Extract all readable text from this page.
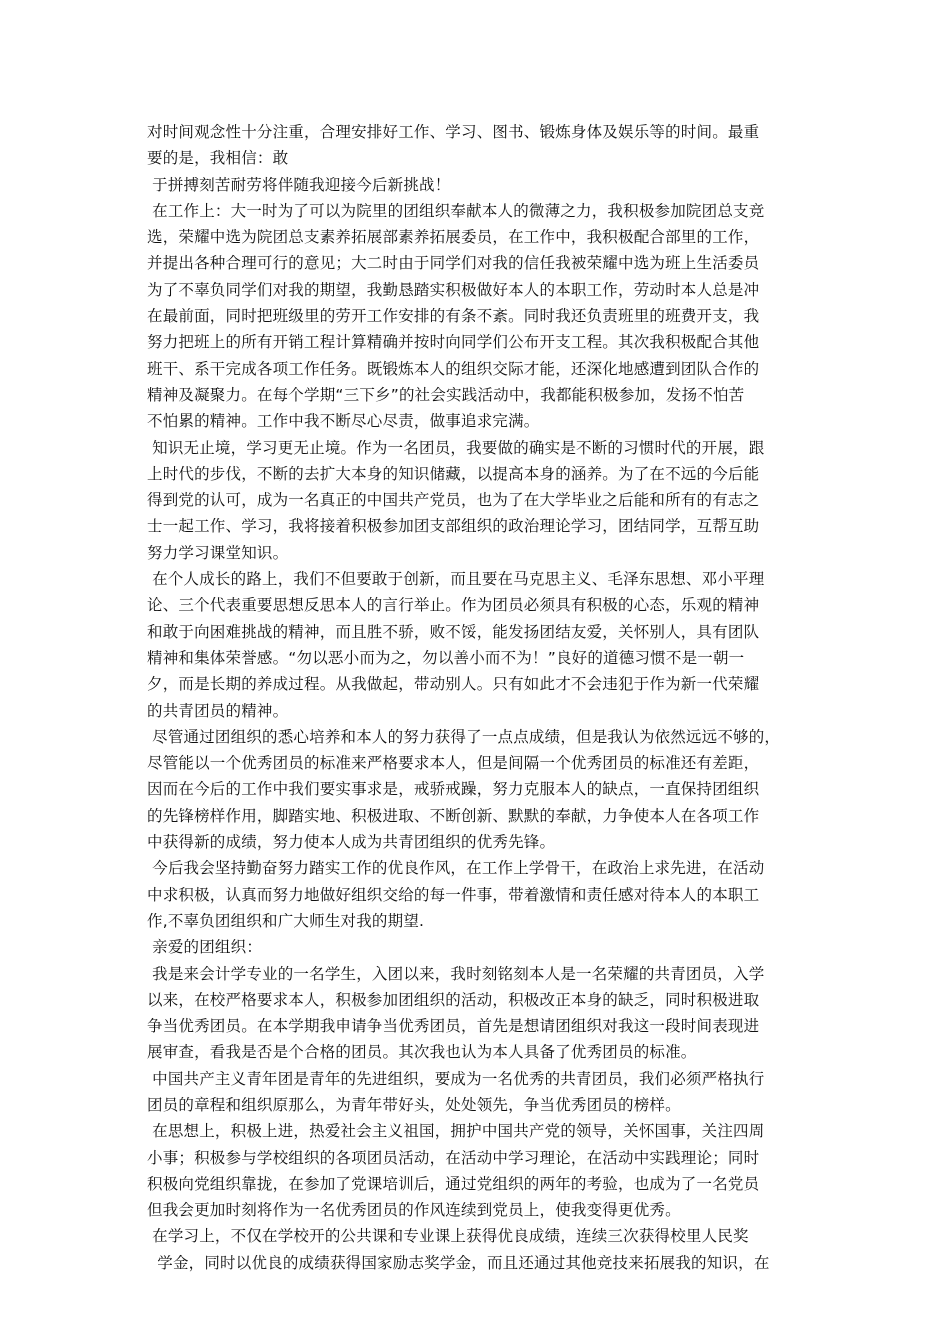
对时间观念性十分注重，合理安排好工作、学习、图书、锻炼身体及娱乐等的时间。最重
要的是，我相信：敢
于拼搏刻苦耐劳将伴随我迎接今后新挑战！
在工作上：大一时为了可以为院里的团组织奉献本人的微薄之力，我积极参加院团总支竞
选，荣耀中选为院团总支素养拓展部素养拓展委员，在工作中，我积极配合部里的工作，
并提出各种合理可行的意见；大二时由于同学们对我的信任我被荣耀中选为班上生活委员
为了不辜负同学们对我的期望，我勤恳踏实积极做好本人的本职工作，劳动时本人总是冲
在最前面，同时把班级里的劳开工作安排的有条不紊。同时我还负责班里的班费开支，我
努力把班上的所有开销工程计算精确并按时向同学们公布开支工程。其次我积极配合其他
班干、系干完成各项工作任务。既锻炼本人的组织交际才能，还深化地感遭到团队合作的
精神及凝聚力。在每个学期“三下乡”的社会实践活动中，我都能积极参加，发扬不怕苦
不怕累的精神。工作中我不断尽心尽责，做事追求完满。
知识无止境，学习更无止境。作为一名团员，我要做的确实是不断的习惯时代的开展，跟
上时代的步伐，不断的去扩大本身的知识储藏，以提高本身的涵养。为了在不远的今后能
得到党的认可，成为一名真正的中国共产党员，也为了在大学毕业之后能和所有的有志之
士一起工作、学习，我将接着积极参加团支部组织的政治理论学习，团结同学，互帮互助
努力学习课堂知识。
在个人成长的路上，我们不但要敢于创新，而且要在马克思主义、毛泽东思想、邓小平理
论、三个代表重要思想反思本人的言行举止。作为团员必须具有积极的心态，乐观的精神
和敢于向困难挑战的精神，而且胜不骄，败不馁，能发扬团结友爱，关怀别人，具有团队
精神和集体荣誉感。“勿以恶小而为之，勿以善小而不为！”良好的道德习惯不是一朝一
夕，而是长期的养成过程。从我做起，带动别人。只有如此才不会违犯于作为新一代荣耀
的共青团员的精神。
尽管通过团组织的悉心培养和本人的努力获得了一点点成绩，但是我认为依然远远不够的，
尽管能以一个优秀团员的标准来严格要求本人，但是间隔一个优秀团员的标准还有差距，
因而在今后的工作中我们要实事求是，戒骄戒躁，努力克服本人的缺点，一直保持团组织
的先锋榜样作用，脚踏实地、积极进取、不断创新、默默的奉献，力争使本人在各项工作
中获得新的成绩，努力使本人成为共青团组织的优秀先锋。
今后我会坚持勤奋努力踏实工作的优良作风，在工作上学骨干，在政治上求先进，在活动
中求积极，认真而努力地做好组织交给的每一件事，带着激情和责任感对待本人的本职工
作,不辜负团组织和广大师生对我的期望.
亲爱的团组织：
我是来会计学专业的一名学生，入团以来，我时刻铭刻本人是一名荣耀的共青团员，入学
以来，在校严格要求本人，积极参加团组织的活动，积极改正本身的缺乏，同时积极进取
争当优秀团员。在本学期我申请争当优秀团员，首先是想请团组织对我这一段时间表现进
展审查，看我是否是个合格的团员。其次我也认为本人具备了优秀团员的标准。
中国共产主义青年团是青年的先进组织，要成为一名优秀的共青团员，我们必须严格执行
团员的章程和组织原那么，为青年带好头，处处领先，争当优秀团员的榜样。
在思想上，积极上进，热爱社会主义祖国，拥护中国共产党的领导，关怀国事，关注四周
小事；积极参与学校组织的各项团员活动，在活动中学习理论，在活动中实践理论；同时
积极向党组织靠拢，在参加了党课培训后，通过党组织的两年的考验，也成为了一名党员
但我会更加时刻将作为一名优秀团员的作风连续到党员上，使我变得更优秀。
在学习上，不仅在学校开的公共课和专业课上获得优良成绩，连续三次获得校里人民奖
学金，同时以优良的成绩获得国家励志奖学金，而且还通过其他竞技来拓展我的知识，在
